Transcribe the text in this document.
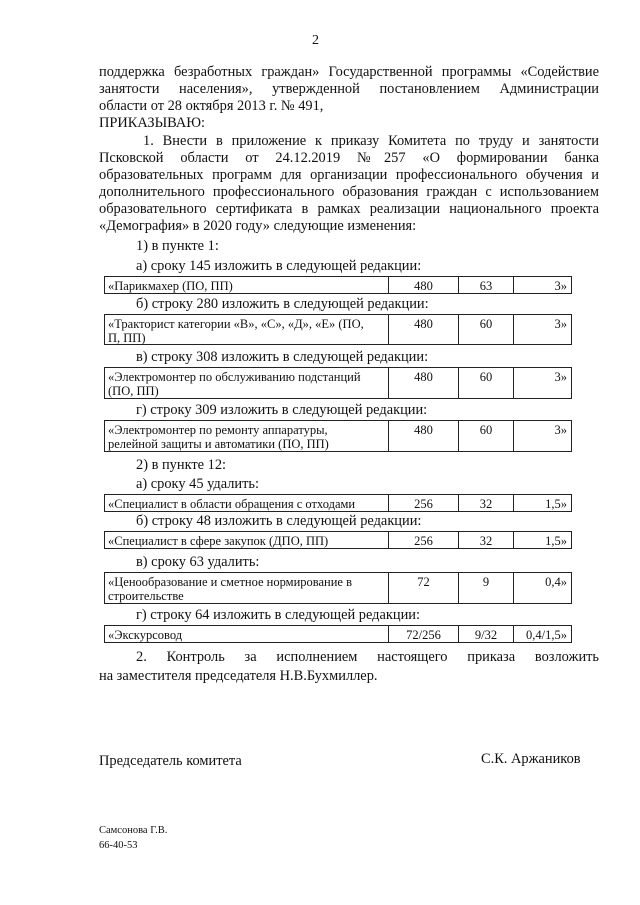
2
поддержка безработных граждан» Государственной программы «Содействие
занятости населения», утвержденной постановлением Администрации
области от 28 октября 2013 г. № 491,
ПРИКАЗЫВАЮ:
1. Внести в приложение к приказу Комитета по труду и занятости
Псковской области от 24.12.2019 №257 «О формировании банка
образовательных программ для организации профессионального обучения и
дополнительного профессионального образования граждан с использованием
образовательного сертификата в рамках реализации национального проекта
«Демография» в 2020 году» следующие изменения:
1) в пункте 1:
а) сроку 145 изложить в следующей редакции:
«Парикмахер (ПО, ПП)	480	63	3»
б) строку 280 изложить в следующей редакции:
«Тракторист категории «В», «С», «Д», «Е» (ПО,
П, ПП)
480	60	3»
в) строку 308 изложить в следующей редакции:
«Электромонтер по обслуживанию подстанций
(ПО, ПП)
480	60	3»
г) строку 309 изложить в следующей редакции:
«Электромонтер по ремонту аппаратуры,
релейной защиты и автоматики (ПО, ПП)
480	60	3»
2) в пункте 12:
а) сроку 45 удалить:
«Специалист в области обращения с отходами	256	32	1,5»
б) строку 48 изложить в следующей редакции:
«Специалист в сфере закупок (ДПО, ПП)	256	32	1,5»
в) сроку 63 удалить:
«Ценообразование и сметное нормирование в
строительстве
72	9	0,4»
г) строку 64 изложить в следующей редакции:
«Экскурсовод	72/256	9/32	0,4/1,5»
2. Контроль за исполнением настоящего приказа возложить
на заместителя председателя Н.В.Бухмиллер.
Председатель комитета	С.К. Аржаников
Самсонова Г.В.
66-40-53
